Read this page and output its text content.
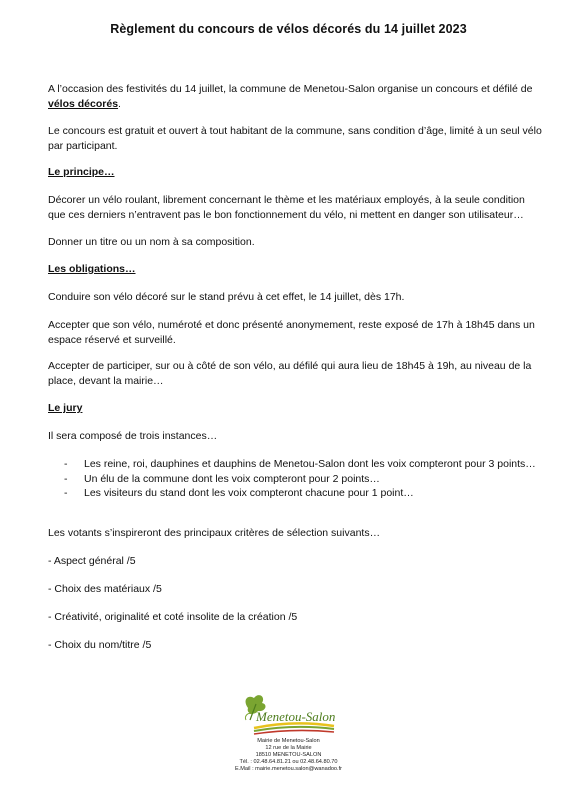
Règlement du concours de vélos décorés du 14 juillet 2023
A l’occasion des festivités du 14 juillet, la commune de Menetou-Salon organise un concours et défilé de vélos décorés.
Le concours est gratuit et ouvert à tout habitant de la commune, sans condition d’âge, limité à un seul vélo par participant.
Le principe…
Décorer un vélo roulant, librement concernant le thème et les matériaux employés, à la seule condition que ces derniers n’entravent pas le bon fonctionnement du vélo, ni mettent en danger son utilisateur…
Donner un titre ou un nom à sa composition.
Les obligations…
Conduire son vélo décoré sur le stand prévu à cet effet, le 14 juillet, dès 17h.
Accepter que son vélo, numéroté et donc présenté anonymement, reste exposé de 17h à 18h45 dans un espace réservé et surveillé.
Accepter de participer, sur ou à côté de son vélo, au défilé qui aura lieu de 18h45 à 19h, au niveau de la place, devant la mairie…
Le jury
Il sera composé de trois instances…
- Les reine, roi, dauphines et dauphins de Menetou-Salon dont les voix compteront pour 3 points…
- Un élu de la commune dont les voix compteront pour 2 points…
- Les visiteurs du stand dont les voix compteront chacune pour 1 point…
Les votants s’inspireront des principaux critères de sélection suivants…
- Aspect général /5
- Choix des matériaux /5
- Créativité, originalité et coté insolite de la création /5
- Choix du nom/titre /5
Menetou-Salon
Mairie de Menetou-Salon
12 rue de la Mairie
18510 MENETOU-SALON
Tél. : 02.48.64.81.21 ou 02.48.64.80.70
E.Mail : mairie.menetou.salon@wanadoo.fr
